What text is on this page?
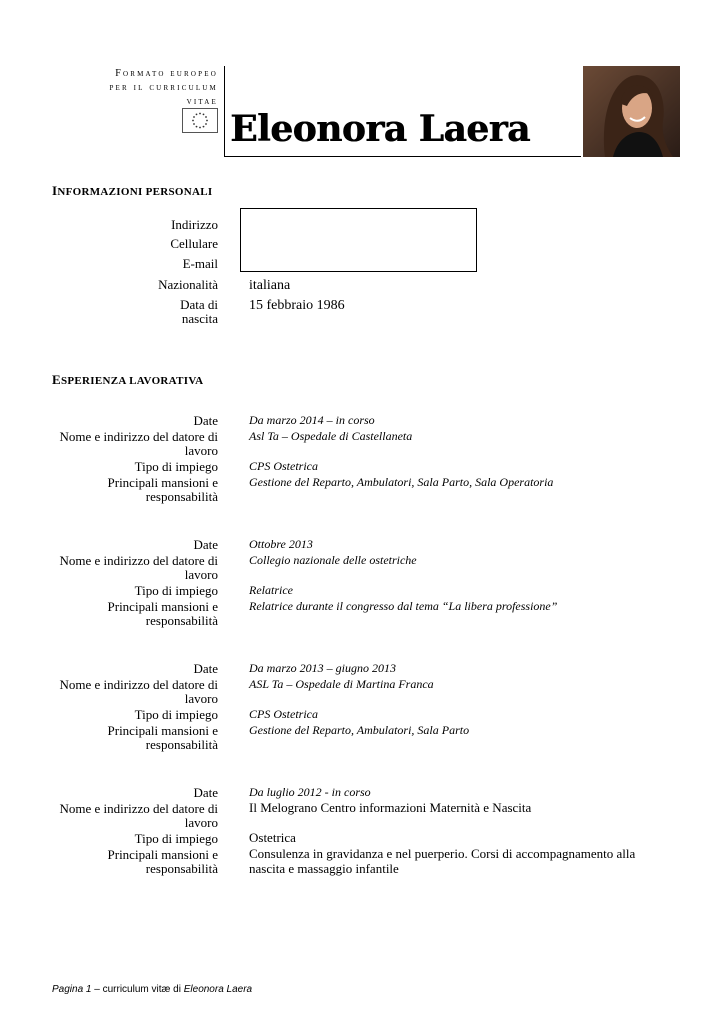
Formato europeo
per il curriculum
vitae
Eleonora Laera
INFORMAZIONI PERSONALI
Indirizzo
Cellulare
E-mail
Nazionalità italiana
Data di
nascita
15 febbraio 1986
ESPERIENZA LAVORATIVA
Date
Nome e indirizzo del datore di
lavoro
Tipo di impiego
Principali mansioni e
responsabilità
Da marzo 2014 – in corso
Asl Ta – Ospedale di Castellaneta
CPS Ostetrica
Gestione del Reparto, Ambulatori, Sala Parto, Sala Operatoria
Date
Nome e indirizzo del datore di
lavoro
Tipo di impiego
Principali mansioni e
responsabilità
Ottobre 2013
Collegio nazionale delle ostetriche
Relatrice
Relatrice durante il congresso dal tema “La libera professione”
Date
Nome e indirizzo del datore di
lavoro
Tipo di impiego
Principali mansioni e
responsabilità
Da marzo 2013 – giugno 2013
ASL Ta – Ospedale di Martina Franca
CPS Ostetrica
Gestione del Reparto, Ambulatori, Sala Parto
Date
Nome e indirizzo del datore di
lavoro
Tipo di impiego
Principali mansioni e
responsabilità
Da luglio 2012 - in corso
Il Melograno Centro informazioni Maternità e Nascita
Ostetrica
Consulenza in gravidanza e nel puerperio. Corsi di accompagnamento alla
nascita e massaggio infantile
Pagina 1 – curriculum vitæ di Eleonora Laera
